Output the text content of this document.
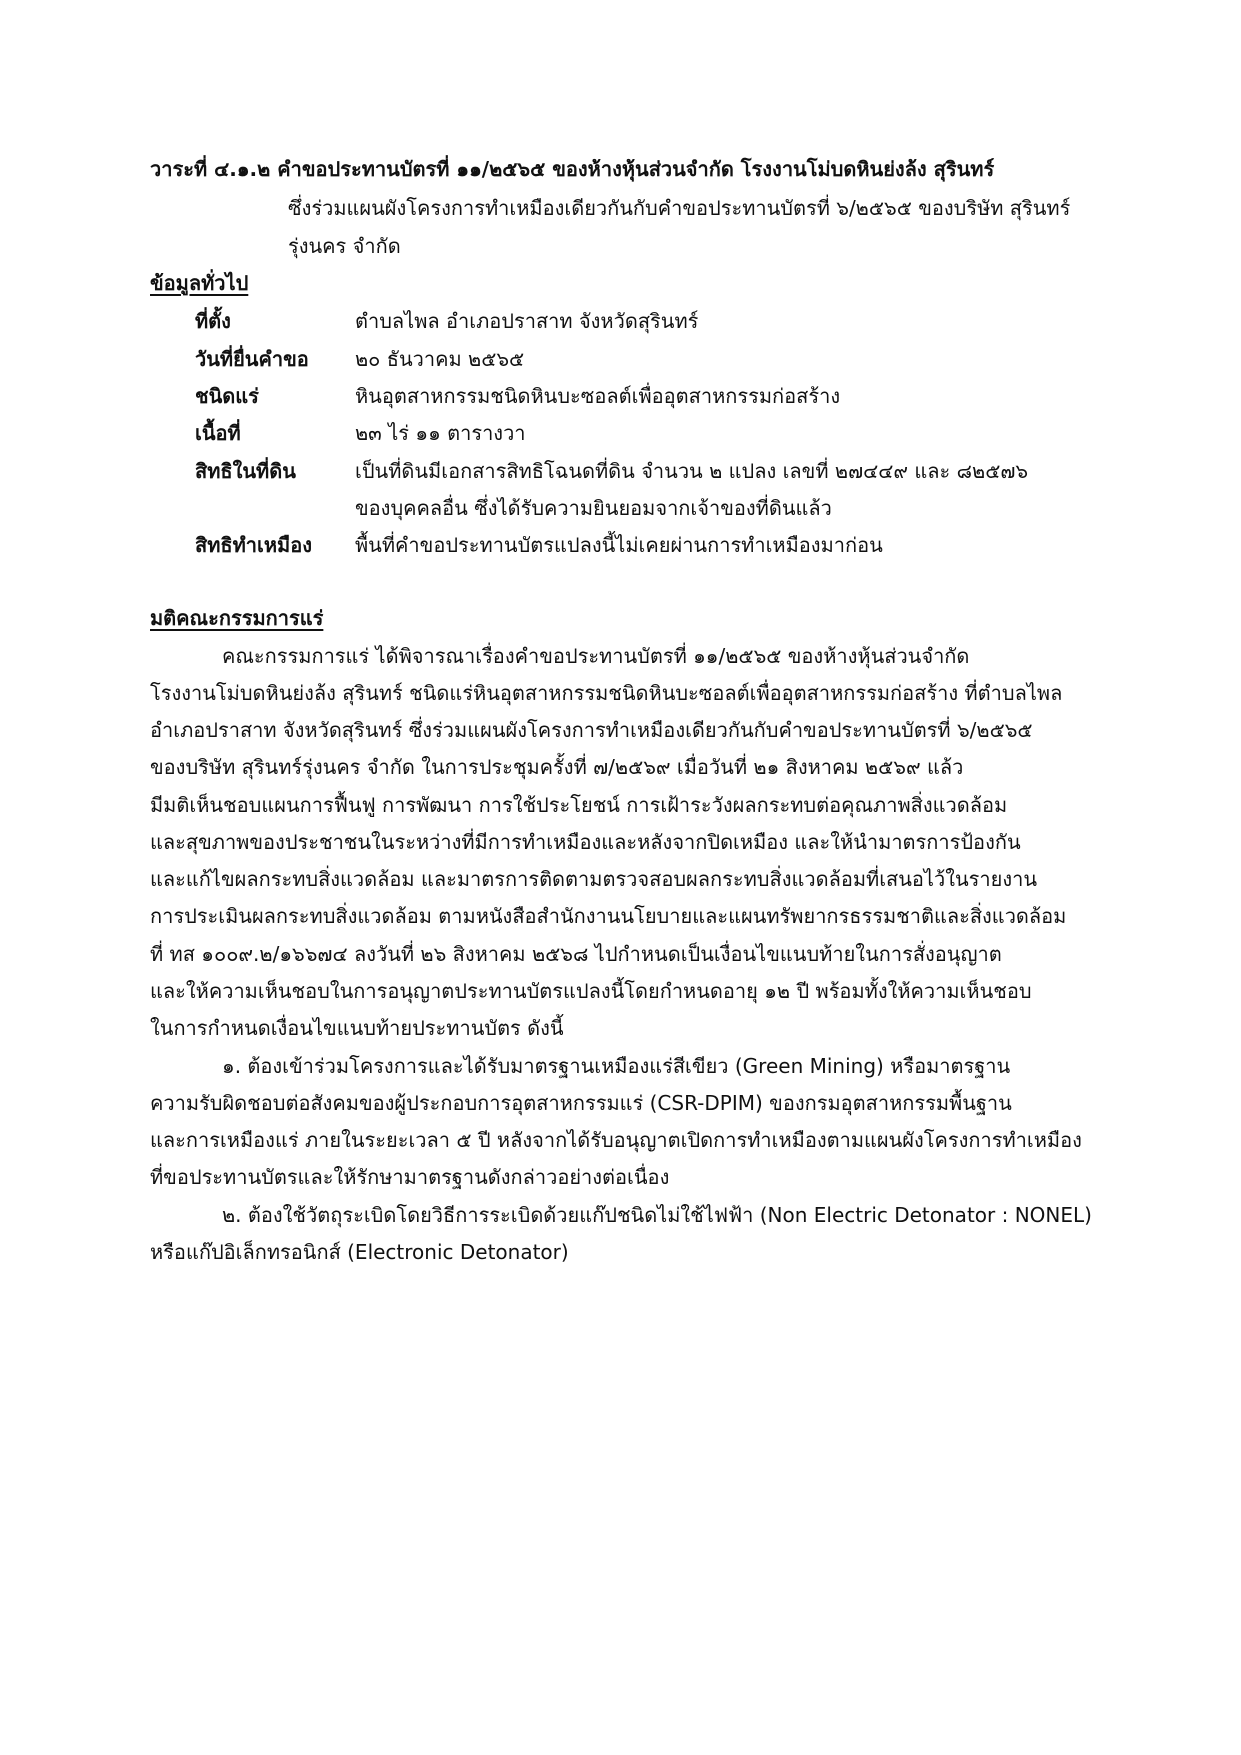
วาระที่ ๔.๑.๒ คำขอประทานบัตรที่ ๑๑/๒๕๖๕ ของห้างหุ้นส่วนจำกัด โรงงานโม่บดหินย่งล้ง สุรินทร์
ซึ่งร่วมแผนผังโครงการทำเหมืองเดียวกันกับคำขอประทานบัตรที่ ๖/๒๕๖๕ ของบริษัท สุรินทร์
รุ่งนคร จำกัด
ข้อมูลทั่วไป
ที่ตั้ง	ตำบลไพล อำเภอปราสาท จังหวัดสุรินทร์
วันที่ยื่นคำขอ ๒๐ ธันวาคม ๒๕๖๕
ชนิดแร่	หินอุตสาหกรรมชนิดหินบะซอลต์เพื่ออุตสาหกรรมก่อสร้าง
เนื้อที่	๒๓ ไร่ ๑๑ ตารางวา
สิทธิในที่ดิน	เป็นที่ดินมีเอกสารสิทธิโฉนดที่ดิน จำนวน ๒ แปลง เลขที่ ๒๗๔๔๙ และ ๘๒๕๗๖
ของบุคคลอื่น ซึ่งได้รับความยินยอมจากเจ้าของที่ดินแล้ว
สิทธิทำเหมือง พื้นที่คำขอประทานบัตรแปลงนี้ไม่เคยผ่านการทำเหมืองมาก่อน
มติคณะกรรมการแร่
คณะกรรมการแร่ ได้พิจารณาเรื่องคำขอประทานบัตรที่ ๑๑/๒๕๖๕ ของห้างหุ้นส่วนจำกัด
โรงงานโม่บดหินย่งล้ง สุรินทร์ ชนิดแร่หินอุตสาหกรรมชนิดหินบะซอลต์เพื่ออุตสาหกรรมก่อสร้าง ที่ตำบลไพล
อำเภอปราสาท จังหวัดสุรินทร์ ซึ่งร่วมแผนผังโครงการทำเหมืองเดียวกันกับคำขอประทานบัตรที่ ๖/๒๕๖๕
ของบริษัท สุรินทร์รุ่งนคร จำกัด ในการประชุมครั้งที่ ๗/๒๕๖๙ เมื่อวันที่ ๒๑ สิงหาคม ๒๕๖๙ แล้ว
มีมติเห็นชอบแผนการฟื้นฟู การพัฒนา การใช้ประโยชน์ การเฝ้าระวังผลกระทบต่อคุณภาพสิ่งแวดล้อม
และสุขภาพของประชาชนในระหว่างที่มีการทำเหมืองและหลังจากปิดเหมือง และให้นำมาตรการป้องกัน
และแก้ไขผลกระทบสิ่งแวดล้อม และมาตรการติดตามตรวจสอบผลกระทบสิ่งแวดล้อมที่เสนอไว้ในรายงาน
การประเมินผลกระทบสิ่งแวดล้อม ตามหนังสือสำนักงานนโยบายและแผนทรัพยากรธรรมชาติและสิ่งแวดล้อม
ที่ ทส ๑๐๐๙.๒/๑๖๖๗๔ ลงวันที่ ๒๖ สิงหาคม ๒๕๖๘ ไปกำหนดเป็นเงื่อนไขแนบท้ายในการสั่งอนุญาต
และให้ความเห็นชอบในการอนุญาตประทานบัตรแปลงนี้โดยกำหนดอายุ ๑๒ ปี พร้อมทั้งให้ความเห็นชอบ
ในการกำหนดเงื่อนไขแนบท้ายประทานบัตร ดังนี้
๑. ต้องเข้าร่วมโครงการและได้รับมาตรฐานเหมืองแร่สีเขียว (Green Mining) หรือมาตรฐาน
ความรับผิดชอบต่อสังคมของผู้ประกอบการอุตสาหกรรมแร่ (CSR-DPIM) ของกรมอุตสาหกรรมพื้นฐาน
และการเหมืองแร่ ภายในระยะเวลา ๕ ปี หลังจากได้รับอนุญาตเปิดการทำเหมืองตามแผนผังโครงการทำเหมือง
ที่ขอประทานบัตรและให้รักษามาตรฐานดังกล่าวอย่างต่อเนื่อง
๒. ต้องใช้วัตถุระเบิดโดยวิธีการระเบิดด้วยแก๊ปชนิดไม่ใช้ไฟฟ้า (Non Electric Detonator : NONEL)
หรือแก๊ปอิเล็กทรอนิกส์ (Electronic Detonator)
